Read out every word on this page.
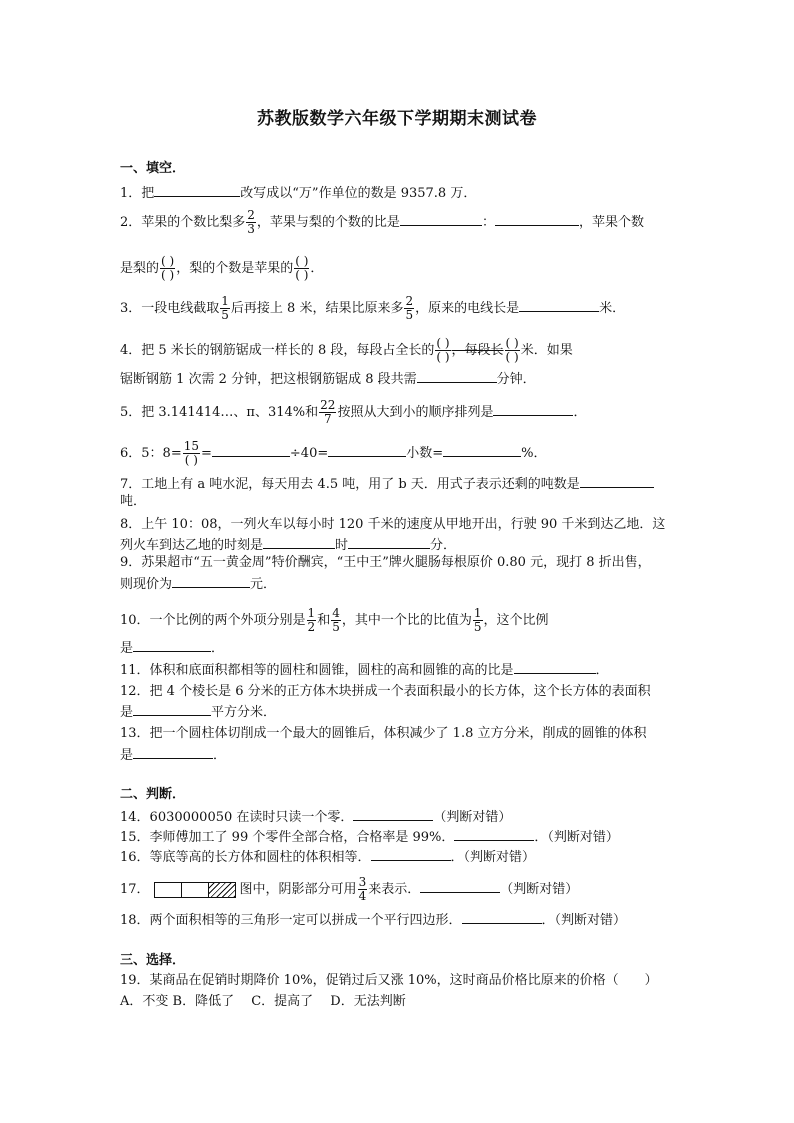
苏教版数学六年级下学期期末测试卷
一、填空．
1．把	改写成以“万”作单位的数是 9357.8 万．
2．苹果的个数比梨多 $\frac{2}{3}$ ，苹果与梨的个数的比是	：	，苹果个数
是梨的 $\frac{( )}{( )}$ ，梨的个数是苹果的 $\frac{( )}{( )}$ ．
3．一段电线截取 $\frac{1}{5}$ 后再接上 8 米，结果比原来多 $\frac{2}{5}$ ，原来的电线长是	米．
4．把 5 米长的钢筋锯成一样长的 8 段，每段占全长的 $\frac{( )}{( )}$ ，每段长 $\frac{( )}{( )}$ 米．如果
锯断钢筋 1 次需 2 分钟，把这根钢筋锯成 8 段共需	分钟．
5．把 3.141414…、π、314%和 $\frac{22}{7}$ 按照从大到小的顺序排列是	．
6．5：$8= \frac{15}{( )}$ =	÷40=	小数=	%．
7．工地上有 a 吨水泥，每天用去 4.5 吨，用了 b 天．用式子表示还剩的吨数是
吨．
8．上午 10：08，一列火车以每小时 120 千米的速度从甲地开出，行驶 90 千米到达乙地．这
列火车到达乙地的时刻是	时	分．
9．苏果超市“五一黄金周”特价酬宾，“王中王”牌火腿肠每根原价 0.80 元，现打 8 折出售，
则现价为	元．
10．一个比例的两个外项分别是 $\frac{1}{2}$ 和 $\frac{4}{5}$ ，其中一个比的比值为 $\frac{1}{5}$ ，这个比例
是	．
11．体积和底面积都相等的圆柱和圆锥，圆柱的高和圆锥的高的比是	．
12．把 4 个棱长是 6 分米的正方体木块拼成一个表面积最小的长方体，这个长方体的表面积
是	平方分米．
13．把一个圆柱体切削成一个最大的圆锥后，体积减少了 1.8 立方分米，削成的圆锥的体积
是	．
二、判断．
14．6030000050 在读时只读一个零．	（判断对错）
15．李师傅加工了 99 个零件全部合格，合格率是 99%．	．（判断对错）
16．等底等高的长方体和圆柱的体积相等．	．（判断对错）
17．	图中，阴影部分可用 $\frac{3}{4}$ 来表示．	（判断对错）
18．两个面积相等的三角形一定可以拼成一个平行四边形．	．（判断对错）
三、选择．
19．某商品在促销时期降价 10%，促销过后又涨 10%，这时商品价格比原来的价格（　　）
A．不变 B．降低了　 C．提高了　 D．无法判断
